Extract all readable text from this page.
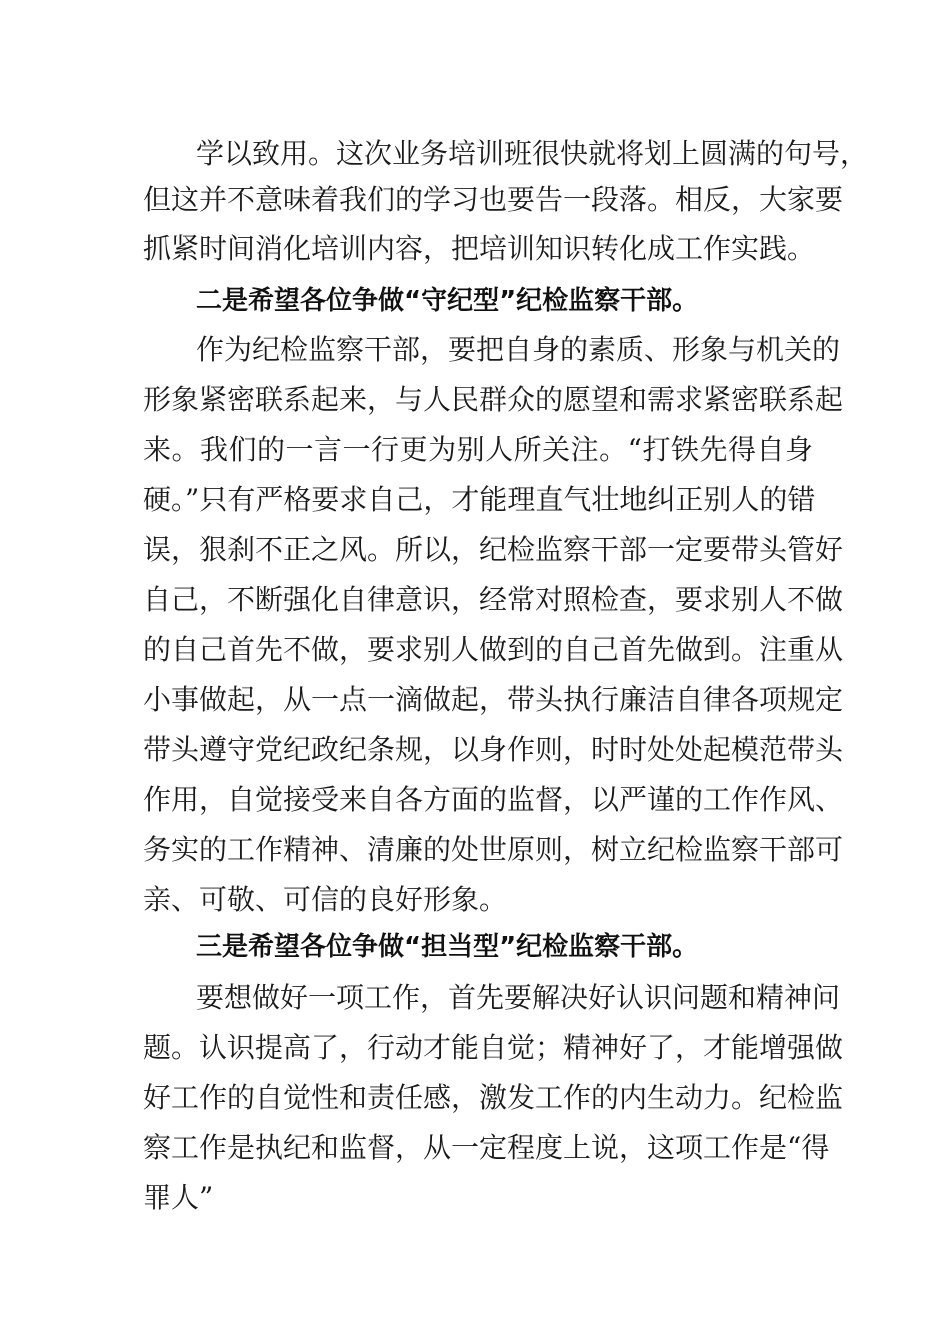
学以致用。这次业务培训班很快就将划上圆满的句号，
但这并不意味着我们的学习也要告一段落。相反，大家要
抓紧时间消化培训内容，把培训知识转化成工作实践。
二是希望各位争做“守纪型”纪检监察干部。
作为纪检监察干部，要把自身的素质、形象与机关的
形象紧密联系起来，与人民群众的愿望和需求紧密联系起
来。我们的一言一行更为别人所关注。“打铁先得自身
硬。”只有严格要求自己，才能理直气壮地纠正别人的错
误，狠刹不正之风。所以，纪检监察干部一定要带头管好
自己，不断强化自律意识，经常对照检查，要求别人不做
的自己首先不做，要求别人做到的自己首先做到。注重从
小事做起，从一点一滴做起，带头执行廉洁自律各项规定
带头遵守党纪政纪条规，以身作则，时时处处起模范带头
作用，自觉接受来自各方面的监督，以严谨的工作作风、
务实的工作精神、清廉的处世原则，树立纪检监察干部可
亲、可敬、可信的良好形象。
三是希望各位争做“担当型”纪检监察干部。
要想做好一项工作，首先要解决好认识问题和精神问
题。认识提高了，行动才能自觉；精神好了，才能增强做
好工作的自觉性和责任感，激发工作的内生动力。纪检监
察工作是执纪和监督，从一定程度上说，这项工作是“得
罪人”
